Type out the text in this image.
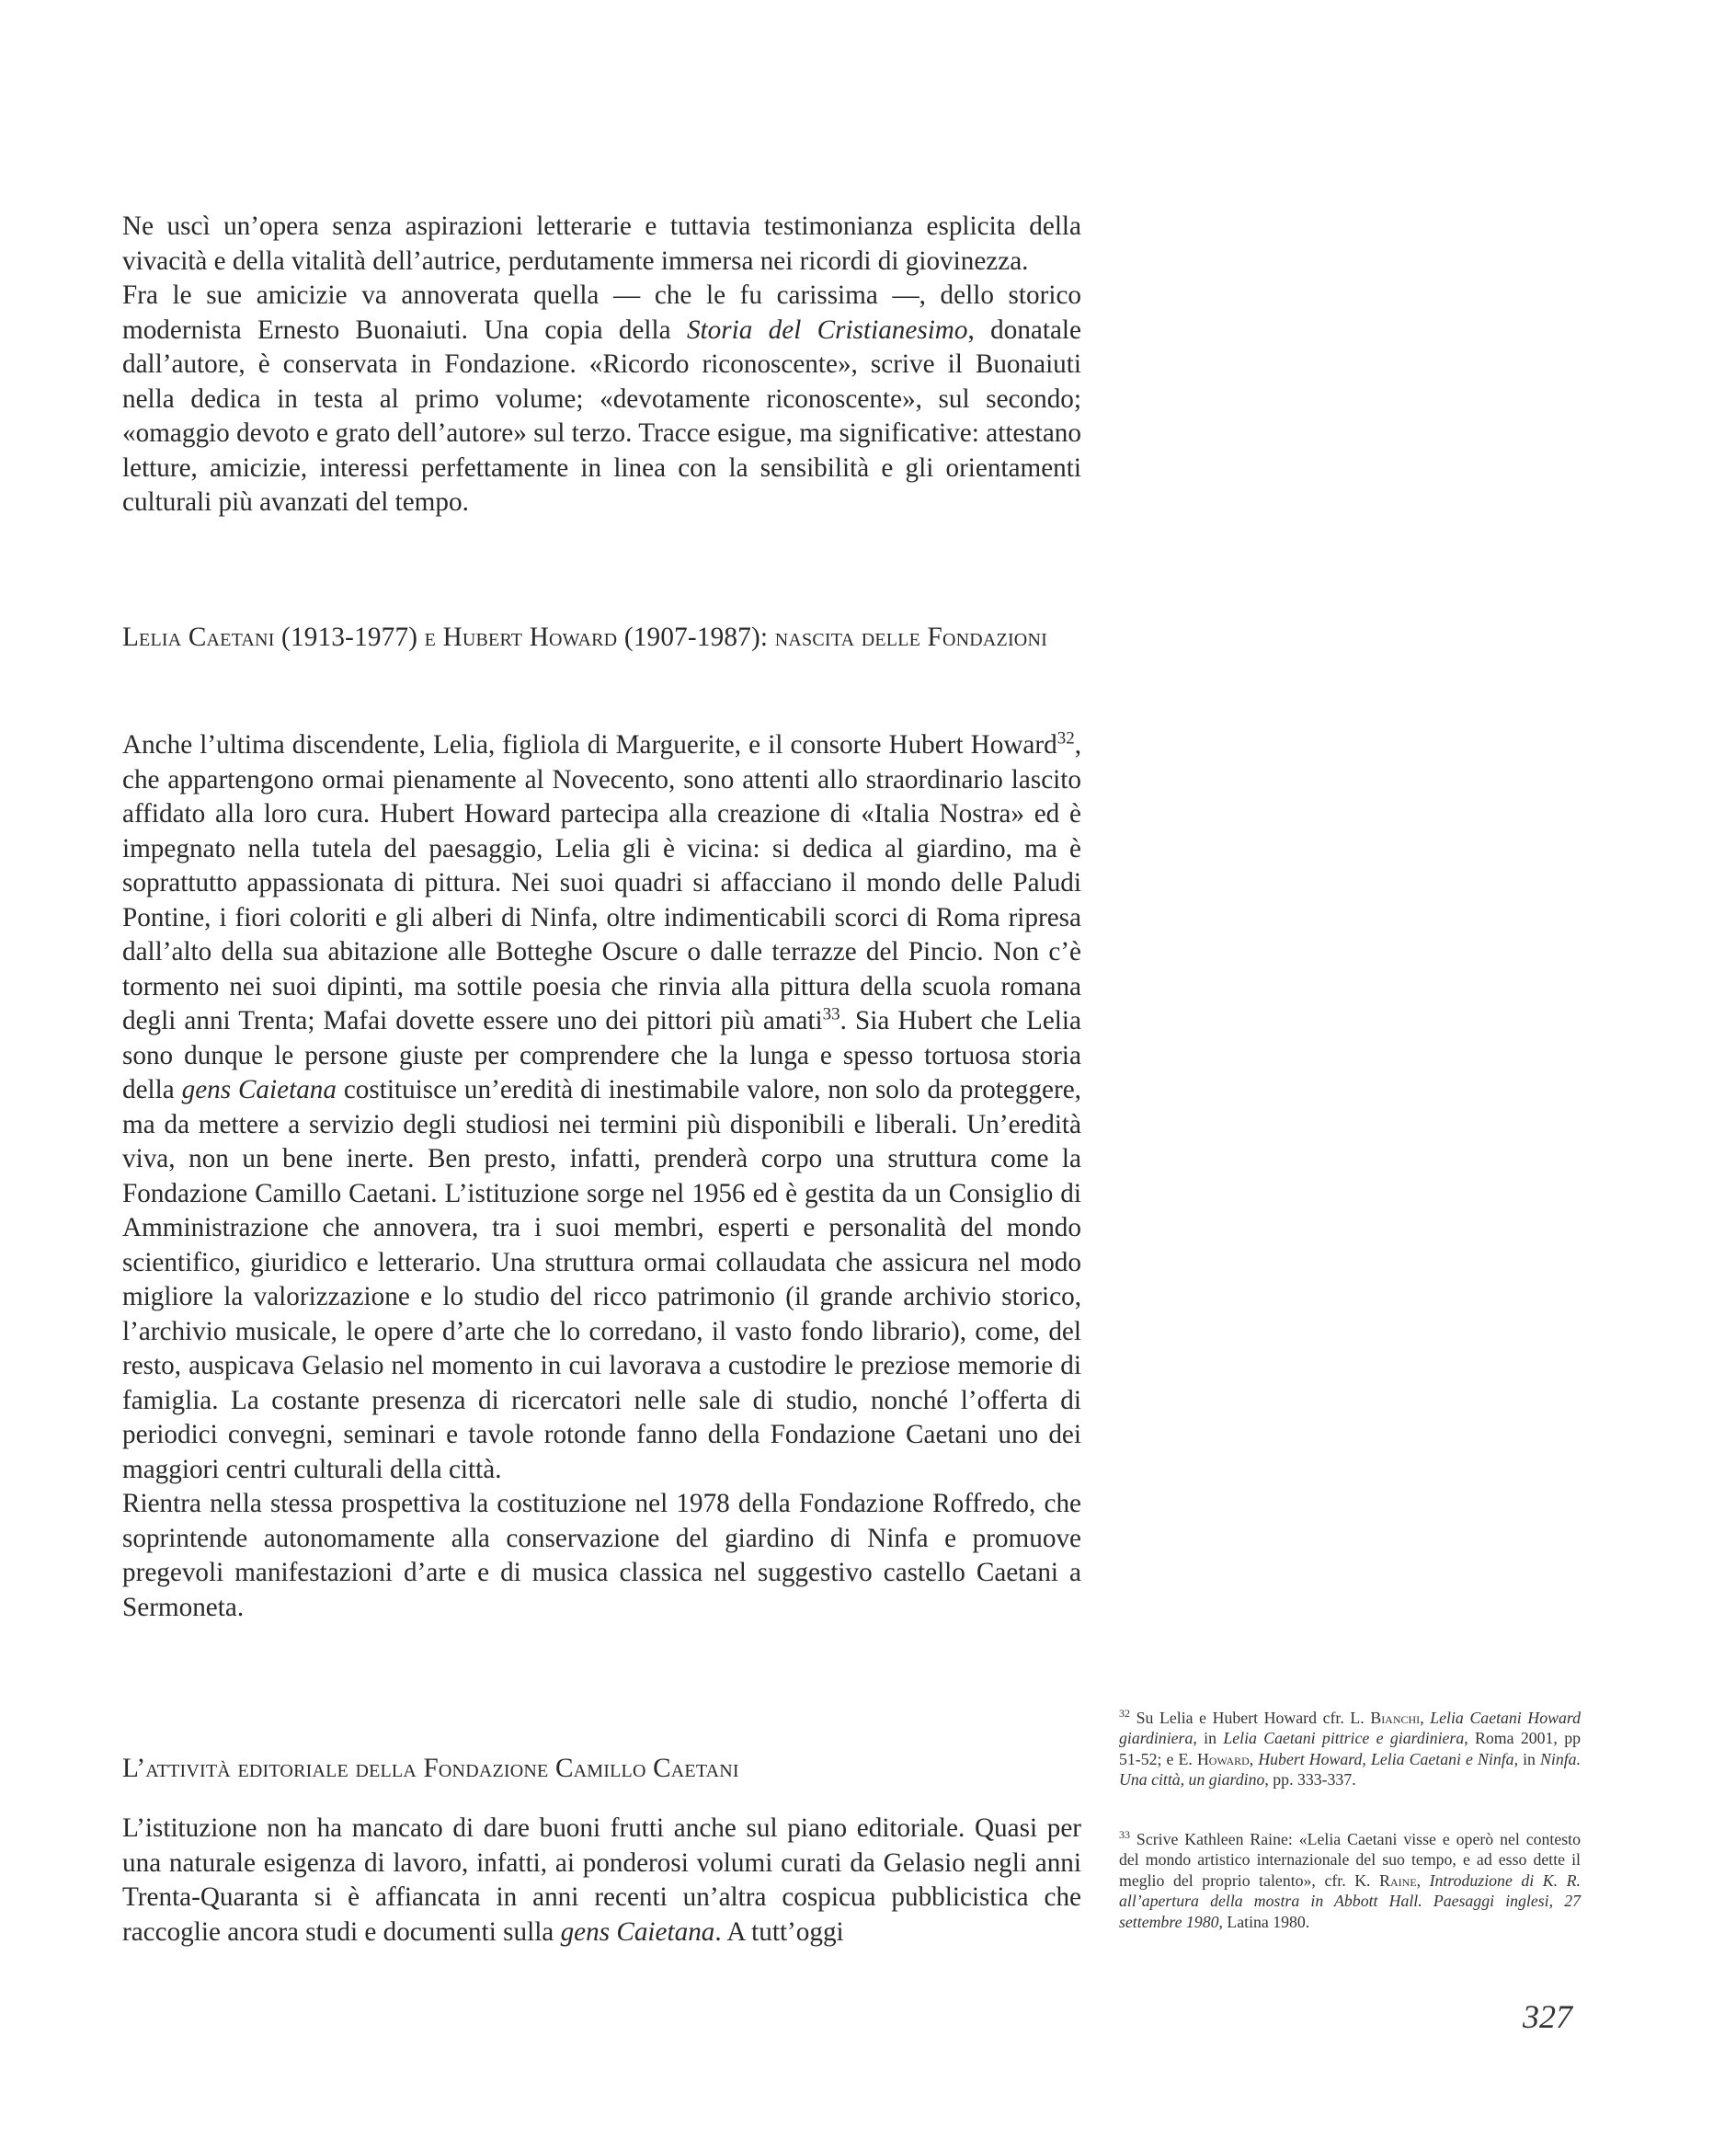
Ne uscì un’opera senza aspirazioni letterarie e tuttavia testimonianza esplicita della vivacità e della vitalità dell’autrice, perdutamente immersa nei ricordi di giovinezza.

Fra le sue amicizie va annoverata quella — che le fu carissima —, dello storico modernista Ernesto Buonaiuti. Una copia della Storia del Cristianesimo, donatale dall’autore, è conservata in Fondazione. «Ricordo riconoscente», scrive il Buonaiuti nella dedica in testa al primo volume; «devotamente riconoscente», sul secondo; «omaggio devoto e grato dell’autore» sul terzo. Tracce esigue, ma significative: attestano letture, amicizie, interessi perfettamente in linea con la sensibilità e gli orientamenti culturali più avanzati del tempo.

Lelia Caetani (1913-1977) e Hubert Howard (1907-1987): nascita delle Fondazioni

Anche l’ultima discendente, Lelia, figliola di Marguerite, e il consorte Hubert Howard$^{32}$, che appartengono ormai pienamente al Novecento, sono attenti allo straordinario lascito affidato alla loro cura. Hubert Howard partecipa alla creazione di «Italia Nostra» ed è impegnato nella tutela del paesaggio, Lelia gli è vicina: si dedica al giardino, ma è soprattutto appassionata di pittura. Nei suoi quadri si affacciano il mondo delle Paludi Pontine, i fiori coloriti e gli alberi di Ninfa, oltre indimenticabili scorci di Roma ripresa dall’alto della sua abitazione alle Botteghe Oscure o dalle terrazze del Pincio. Non c’è tormento nei suoi dipinti, ma sottile poesia che rinvia alla pittura della scuola romana degli anni Trenta; Mafai dovette essere uno dei pittori più amati$^{33}$. Sia Hubert che Lelia sono dunque le persone giuste per comprendere che la lunga e spesso tortuosa storia della gens Caietana costituisce un’eredità di inestimabile valore, non solo da proteggere, ma da mettere a servizio degli studiosi nei termini più disponibili e liberali. Un’eredità viva, non un bene inerte. Ben presto, infatti, prenderà corpo una struttura come la Fondazione Camillo Caetani. L’istituzione sorge nel 1956 ed è gestita da un Consiglio di Amministrazione che annovera, tra i suoi membri, esperti e personalità del mondo scientifico, giuridico e letterario. Una struttura ormai collaudata che assicura nel modo migliore la valorizzazione e lo studio del ricco patrimonio (il grande archivio storico, l’archivio musicale, le opere d’arte che lo corredano, il vasto fondo librario), come, del resto, auspicava Gelasio nel momento in cui lavorava a custodire le preziose memorie di famiglia. La costante presenza di ricercatori nelle sale di studio, nonché l’offerta di periodici convegni, seminari e tavole rotonde fanno della Fondazione Caetani uno dei maggiori centri culturali della città.

Rientra nella stessa prospettiva la costituzione nel 1978 della Fondazione Roffredo, che soprintende autonomamente alla conservazione del giardino di Ninfa e promuove pregevoli manifestazioni d’arte e di musica classica nel suggestivo castello Caetani a Sermoneta.

L’attività editoriale della Fondazione Camillo Caetani

L’istituzione non ha mancato di dare buoni frutti anche sul piano editoriale. Quasi per una naturale esigenza di lavoro, infatti, ai ponderosi volumi curati da Gelasio negli anni Trenta-Quaranta si è affiancata in anni recenti un’altra cospicua pubblicistica che raccoglie ancora studi e documenti sulla gens Caietana. A tutt’oggi

$^{32}$ Su Lelia e Hubert Howard cfr. L. Bianchi, Lelia Caetani Howard giardiniera, in Lelia Caetani pittrice e giardiniera, Roma 2001, pp 51-52; e E. Howard, Hubert Howard, Lelia Caetani e Ninfa, in Ninfa. Una città, un giardino, pp. 333-337.

$^{33}$ Scrive Kathleen Raine: «Lelia Caetani visse e operò nel contesto del mondo artistico internazionale del suo tempo, e ad esso dette il meglio del proprio talento», cfr. K. Raine, Introduzione di K. R. all’apertura della mostra in Abbott Hall. Paesaggi inglesi, 27 settembre 1980, Latina 1980.

327
